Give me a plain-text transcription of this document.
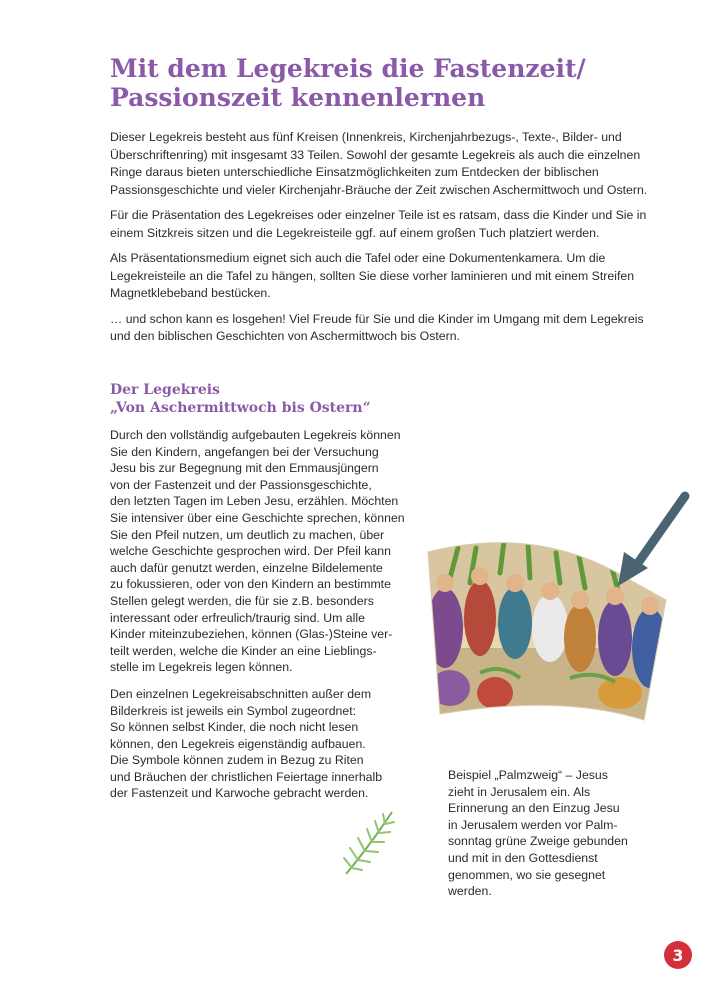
Mit dem Legekreis die Fastenzeit/ Passionszeit kennenlernen

Dieser Legekreis besteht aus fünf Kreisen (Innenkreis, Kirchenjahrbezugs-, Texte-, Bilder- und Überschriftenring) mit insgesamt 33 Teilen. Sowohl der gesamte Legekreis als auch die einzelnen Ringe daraus bieten unterschiedliche Einsatzmöglichkeiten zum Entdecken der biblischen Passionsgeschichte und vieler Kirchenjahr-Bräuche der Zeit zwischen Aschermittwoch und Ostern.

Für die Präsentation des Legekreises oder einzelner Teile ist es ratsam, dass die Kinder und Sie in einem Sitzkreis sitzen und die Legekreisteile ggf. auf einem großen Tuch platziert werden.

Als Präsentationsmedium eignet sich auch die Tafel oder eine Dokumentenkamera. Um die Legekreisteile an die Tafel zu hängen, sollten Sie diese vorher laminieren und mit einem Streifen Magnetklebeband bestücken.

… und schon kann es losgehen! Viel Freude für Sie und die Kinder im Umgang mit dem Legekreis und den biblischen Geschichten von Aschermittwoch bis Ostern.

Der Legekreis
„Von Aschermittwoch bis Ostern“

Durch den vollständig aufgebauten Legekreis können
Sie den Kindern, angefangen bei der Versuchung
Jesu bis zur Begegnung mit den Emmausjüngern
von der Fastenzeit und der Passionsgeschichte,
den letzten Tagen im Leben Jesu, erzählen. Möchten
Sie intensiver über eine Geschichte sprechen, können
Sie den Pfeil nutzen, um deutlich zu machen, über
welche Geschichte gesprochen wird. Der Pfeil kann
auch dafür genutzt werden, einzelne Bildelemente
zu fokussieren, oder von den Kindern an bestimmte
Stellen gelegt werden, die für sie z.B. besonders
interessant oder erfreulich/traurig sind. Um alle
Kinder miteinzubeziehen, können (Glas-)Steine ver-
teilt werden, welche die Kinder an eine Lieblings-
stelle im Legekreis legen können.

Den einzelnen Legekreisabschnitten außer dem
Bilderkreis ist jeweils ein Symbol zugeordnet:
So können selbst Kinder, die noch nicht lesen
können, den Legekreis eigenständig aufbauen.
Die Symbole können zudem in Bezug zu Riten
und Bräuchen der christlichen Feiertage innerhalb
der Fastenzeit und Karwoche gebracht werden.

Beispiel „Palmzweig“ – Jesus
zieht in Jerusalem ein. Als
Erinnerung an den Einzug Jesu
in Jerusalem werden vor Palm-
sonntag grüne Zweige gebunden
und mit in den Gottesdienst
genommen, wo sie gesegnet
werden.

3
